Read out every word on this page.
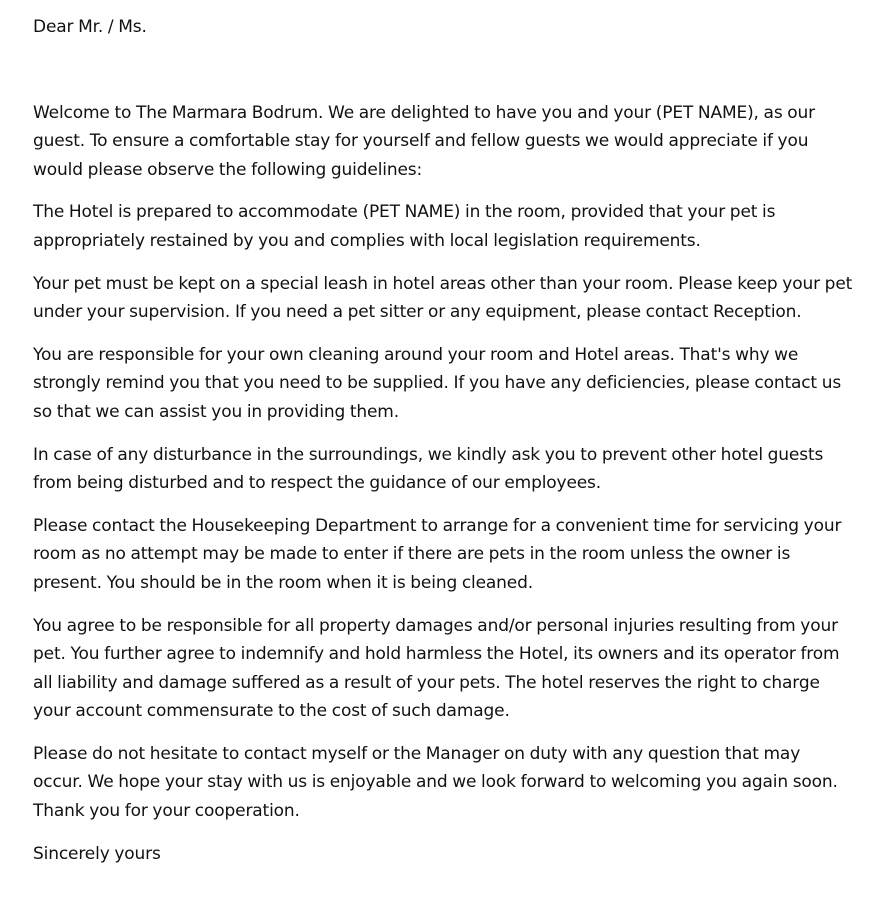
Dear Mr. / Ms.

Welcome to The Marmara Bodrum. We are delighted to have you and your (PET NAME), as our guest. To ensure a comfortable stay for yourself and fellow guests we would appreciate if you would please observe the following guidelines:

The Hotel is prepared to accommodate (PET NAME) in the room, provided that your pet is appropriately restained by you and complies with local legislation requirements.

Your pet must be kept on a special leash in hotel areas other than your room. Please keep your pet under your supervision. If you need a pet sitter or any equipment, please contact Reception.

You are responsible for your own cleaning around your room and Hotel areas. That's why we strongly remind you that you need to be supplied. If you have any deficiencies, please contact us so that we can assist you in providing them.

In case of any disturbance in the surroundings, we kindly ask you to prevent other hotel guests from being disturbed and to respect the guidance of our employees.

Please contact the Housekeeping Department to arrange for a convenient time for servicing your room as no attempt may be made to enter if there are pets in the room unless the owner is present. You should be in the room when it is being cleaned.

You agree to be responsible for all property damages and/or personal injuries resulting from your pet. You further agree to indemnify and hold harmless the Hotel, its owners and its operator from all liability and damage suffered as a result of your pets. The hotel reserves the right to charge your account commensurate to the cost of such damage.

Please do not hesitate to contact myself or the Manager on duty with any question that may occur. We hope your stay with us is enjoyable and we look forward to welcoming you again soon. Thank you for your cooperation.

Sincerely yours
